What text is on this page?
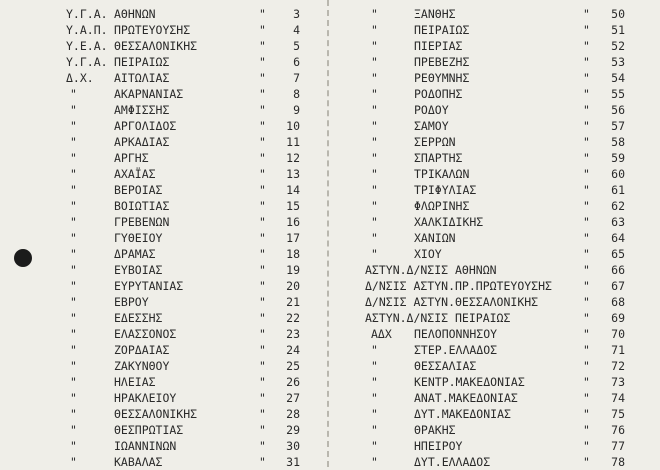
Υ.Γ.Α. ΑΘΗΝΩΝ	"	3	"	ΞΑΝΘΗΣ	"	50
Υ.Α.Π. ΠΡΩΤΕΥΟΥΣΗΣ	"	4	"	ΠΕΙΡΑΙΩΣ	"	51
Υ.Ε.Α. ΘΕΣΣΑΛΟΝΙΚΗΣ	"	5	"	ΠΙΕΡΙΑΣ	"	52
Υ.Γ.Α. ΠΕΙΡΑΙΩΣ	"	6	"	ΠΡΕΒΕΖΗΣ	"	53
Δ.Χ. ΑΙΤΩΛΙΑΣ	"	7	"	ΡΕΘΥΜΝΗΣ	"	54
"	ΑΚΑΡΝΑΝΙΑΣ	"	8	"	ΡΟΔΟΠΗΣ	"	55
"	ΑΜΦΙΣΣΗΣ	"	9	"	ΡΟΔΟΥ	"	56
"	ΑΡΓΟΛΙΔΟΣ	"	10	"	ΣΑΜΟΥ	"	57
"	ΑΡΚΑΔΙΑΣ	"	11	"	ΣΕΡΡΩΝ	"	58
"	ΑΡΓΗΣ	"	12	"	ΣΠΑΡΤΗΣ	"	59
"	ΑΧΑΪΑΣ	"	13	"	ΤΡΙΚΑΛΩΝ	"	60
"	ΒΕΡΟΙΑΣ	"	14	"	ΤΡΙΦΥΛΙΑΣ	"	61
"	ΒΟΙΩΤΙΑΣ	"	15	"	ΦΛΩΡΙΝΗΣ	"	62
"	ΓΡΕΒΕΝΩΝ	"	16	"	ΧΑΛΚΙΔΙΚΗΣ	"	63
"	ΓΥΘΕΙΟΥ	"	17	"	ΧΑΝΙΩΝ	"	64
"	ΔΡΑΜΑΣ	"	18	"	ΧΙΟΥ	"	65
"	ΕΥΒΟΙΑΣ	"	19	ΑΣΤΥΝ.Δ/ΝΣΙΣ ΑΘΗΝΩΝ	"	66
"	ΕΥΡΥΤΑΝΙΑΣ	"	20	Δ/ΝΣΙΣ ΑΣΤΥΝ.ΠΡ.ΠΡΩΤΕΥΟΥΣΗΣ	"	67
"	ΕΒΡΟΥ	"	21	Δ/ΝΣΙΣ ΑΣΤΥΝ.ΘΕΣΣΑΛΟΝΙΚΗΣ	"	68
"	ΕΔΕΣΣΗΣ	"	22	ΑΣΤΥΝ.Δ/ΝΣΙΣ ΠΕΙΡΑΙΩΣ	"	69
"	ΕΛΑΣΣΟΝΟΣ	"	23	ΑΔΧ ΠΕΛΟΠΟΝΝΗΣΟΥ	"	70
"	ΖΟΡΔΑΙΑΣ	"	24	"	ΣΤΕΡ.ΕΛΛΑΔΟΣ	"	71
"	ΖΑΚΥΝΘΟΥ	"	25	"	ΘΕΣΣΑΛΙΑΣ	"	72
"	ΗΛΕΙΑΣ	"	26	"	ΚΕΝΤΡ.ΜΑΚΕΔΟΝΙΑΣ	"	73
"	ΗΡΑΚΛΕΙΟΥ	"	27	"	ΑΝΑΤ.ΜΑΚΕΔΟΝΙΑΣ	"	74
"	ΘΕΣΣΑΛΟΝΙΚΗΣ	"	28	"	ΔΥΤ.ΜΑΚΕΔΟΝΙΑΣ	"	75
"	ΘΕΣΠΡΩΤΙΑΣ	"	29	"	ΘΡΑΚΗΣ	"	76
"	ΙΩΑΝΝΙΝΩΝ	"	30	"	ΗΠΕΙΡΟΥ	"	77
"	ΚΑΒΑΛΑΣ	"	31	"	ΔΥΤ.ΕΛΛΑΔΟΣ	"	78
